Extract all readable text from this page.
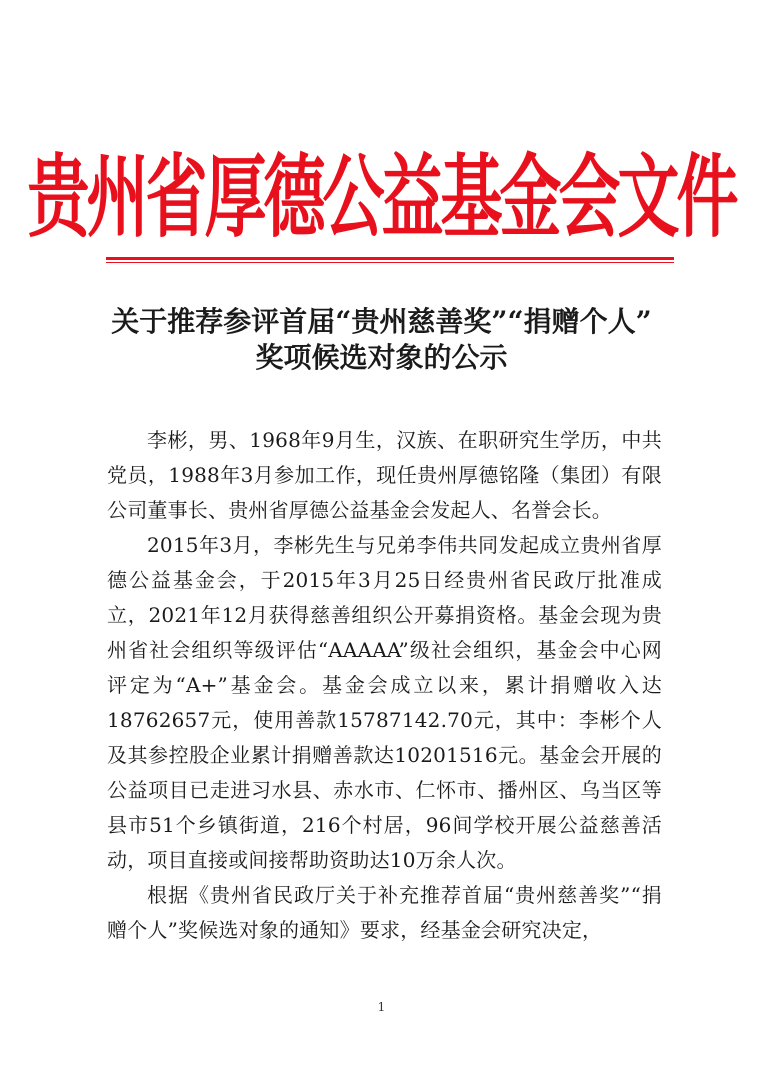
贵州省厚德公益基金会文件
关于推荐参评首届“贵州慈善奖”“捐赠个人”
奖项候选对象的公示

李彬，男、1968年9月生，汉族、在职研究生学历，中共党员，1988年3月参加工作，现任贵州厚德铭隆（集团）有限公司董事长、贵州省厚德公益基金会发起人、名誉会长。

2015年3月，李彬先生与兄弟李伟共同发起成立贵州省厚德公益基金会，于2015年3月25日经贵州省民政厅批准成立，2021年12月获得慈善组织公开募捐资格。基金会现为贵州省社会组织等级评估“AAAAA”级社会组织，基金会中心网评定为“A+”基金会。基金会成立以来，累计捐赠收入达18762657元，使用善款15787142.70元，其中：李彬个人及其参控股企业累计捐赠善款达10201516元。基金会开展的公益项目已走进习水县、赤水市、仁怀市、播州区、乌当区等县市51个乡镇街道，216个村居，96间学校开展公益慈善活动，项目直接或间接帮助资助达10万余人次。

根据《贵州省民政厅关于补充推荐首届“贵州慈善奖”“捐赠个人”奖候选对象的通知》要求，经基金会研究决定，

1
